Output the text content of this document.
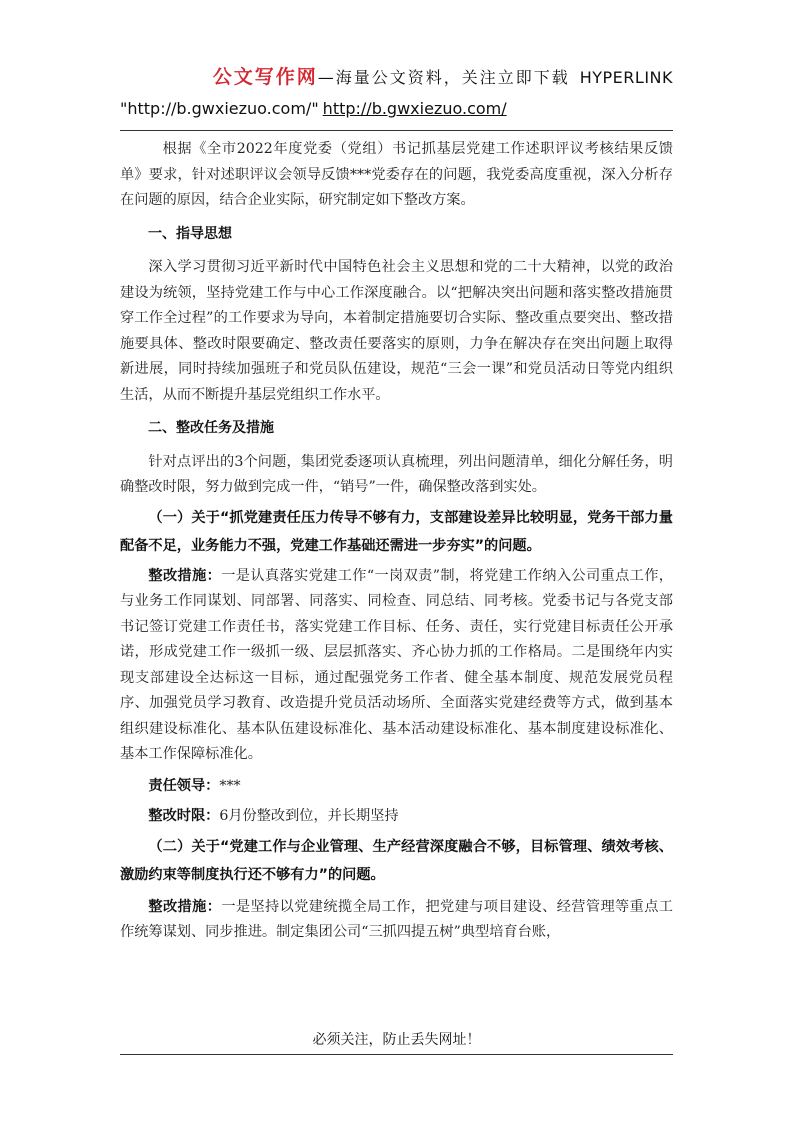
公文写作网—海量公文资料，关注立即下载 HYPERLINK
"http://b.gwxiezuo.com/" http://b.gwxiezuo.com/

根据《全市2022年度党委（党组）书记抓基层党建工作述职评议考核结果反馈单》要求，针对述职评议会领导反馈***党委存在的问题，我党委高度重视，深入分析存在问题的原因，结合企业实际，研究制定如下整改方案。

一、指导思想

深入学习贯彻习近平新时代中国特色社会主义思想和党的二十大精神，以党的政治建设为统领，坚持党建工作与中心工作深度融合。以“把解决突出问题和落实整改措施贯穿工作全过程”的工作要求为导向，本着制定措施要切合实际、整改重点要突出、整改措施要具体、整改时限要确定、整改责任要落实的原则，力争在解决存在突出问题上取得新进展，同时持续加强班子和党员队伍建设，规范“三会一课”和党员活动日等党内组织生活，从而不断提升基层党组织工作水平。

二、整改任务及措施

针对点评出的3个问题，集团党委逐项认真梳理，列出问题清单，细化分解任务，明确整改时限，努力做到完成一件，“销号”一件，确保整改落到实处。

（一）关于“抓党建责任压力传导不够有力，支部建设差异比较明显，党务干部力量配备不足，业务能力不强，党建工作基础还需进一步夯实”的问题。

整改措施：一是认真落实党建工作“一岗双责”制，将党建工作纳入公司重点工作，与业务工作同谋划、同部署、同落实、同检查、同总结、同考核。党委书记与各党支部书记签订党建工作责任书，落实党建工作目标、任务、责任，实行党建目标责任公开承诺，形成党建工作一级抓一级、层层抓落实、齐心协力抓的工作格局。二是围绕年内实现支部建设全达标这一目标，通过配强党务工作者、健全基本制度、规范发展党员程序、加强党员学习教育、改造提升党员活动场所、全面落实党建经费等方式，做到基本组织建设标准化、基本队伍建设标准化、基本活动建设标准化、基本制度建设标准化、基本工作保障标准化。

责任领导：***

整改时限：6月份整改到位，并长期坚持

（二）关于“党建工作与企业管理、生产经营深度融合不够，目标管理、绩效考核、激励约束等制度执行还不够有力”的问题。

整改措施：一是坚持以党建统揽全局工作，把党建与项目建设、经营管理等重点工作统筹谋划、同步推进。制定集团公司“三抓四提五树”典型培育台账，

必须关注，防止丢失网址！
